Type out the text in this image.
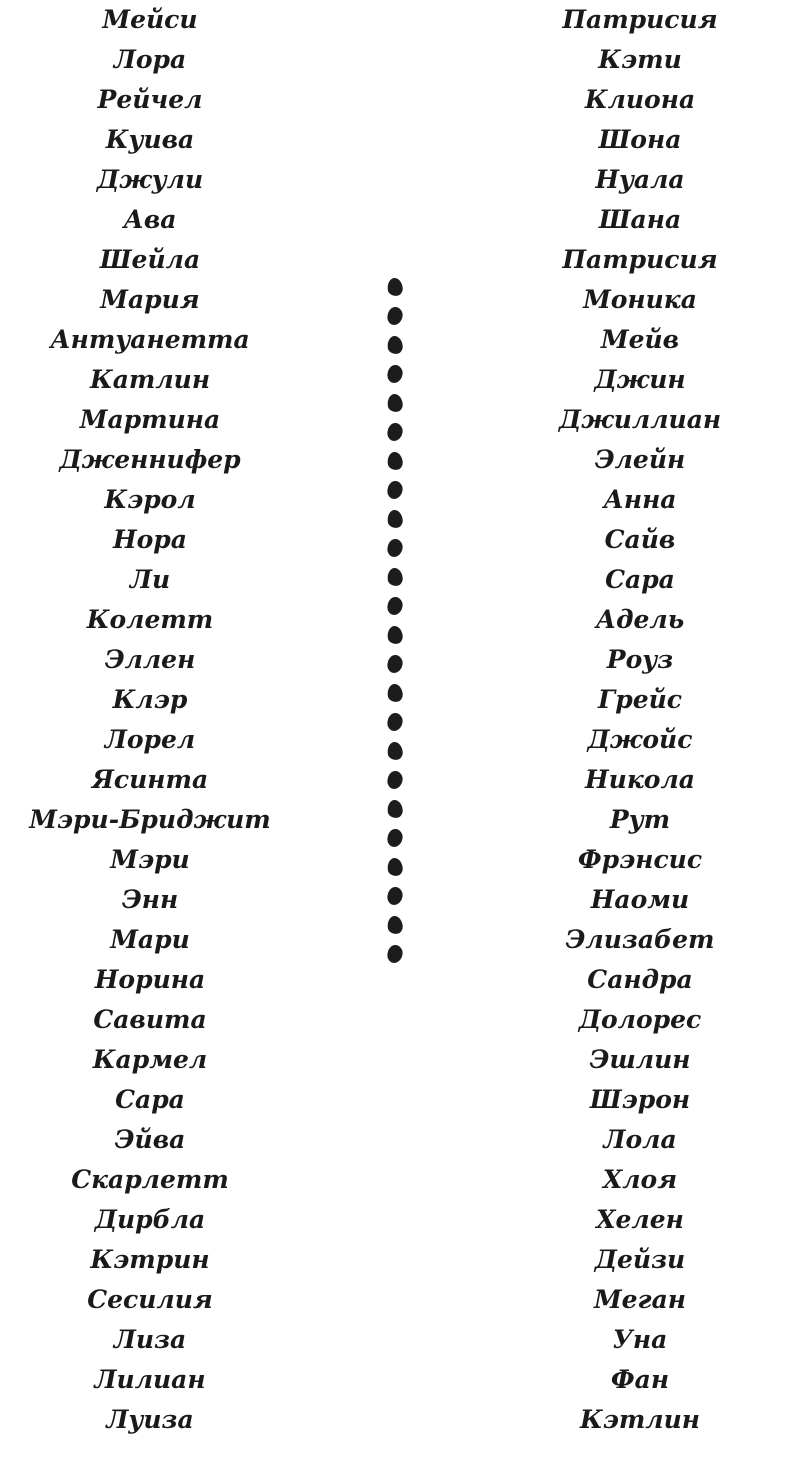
Мейси
Лора
Рейчел
Куива
Джули
Ава
Шейла
Мария
Антуанетта
Катлин
Мартина
Дженнифер
Кэрол
Нора
Ли
Колетт
Эллен
Клэр
Лорел
Ясинта
Мэри-Бриджит
Мэри
Энн
Мари
Норина
Савита
Кармел
Сара
Эйва
Скарлетт
Дирбла
Кэтрин
Сесилия
Лиза
Лилиан
Луиза
Патрисия
Кэти
Клиона
Шона
Нуала
Шана
Патрисия
Моника
Мейв
Джин
Джиллиан
Элейн
Анна
Сайв
Сара
Адель
Роуз
Грейс
Джойс
Никола
Рут
Фрэнсис
Наоми
Элизабет
Сандра
Долорес
Эшлин
Шэрон
Лола
Хлоя
Хелен
Дейзи
Меган
Уна
Фан
Кэтлин
